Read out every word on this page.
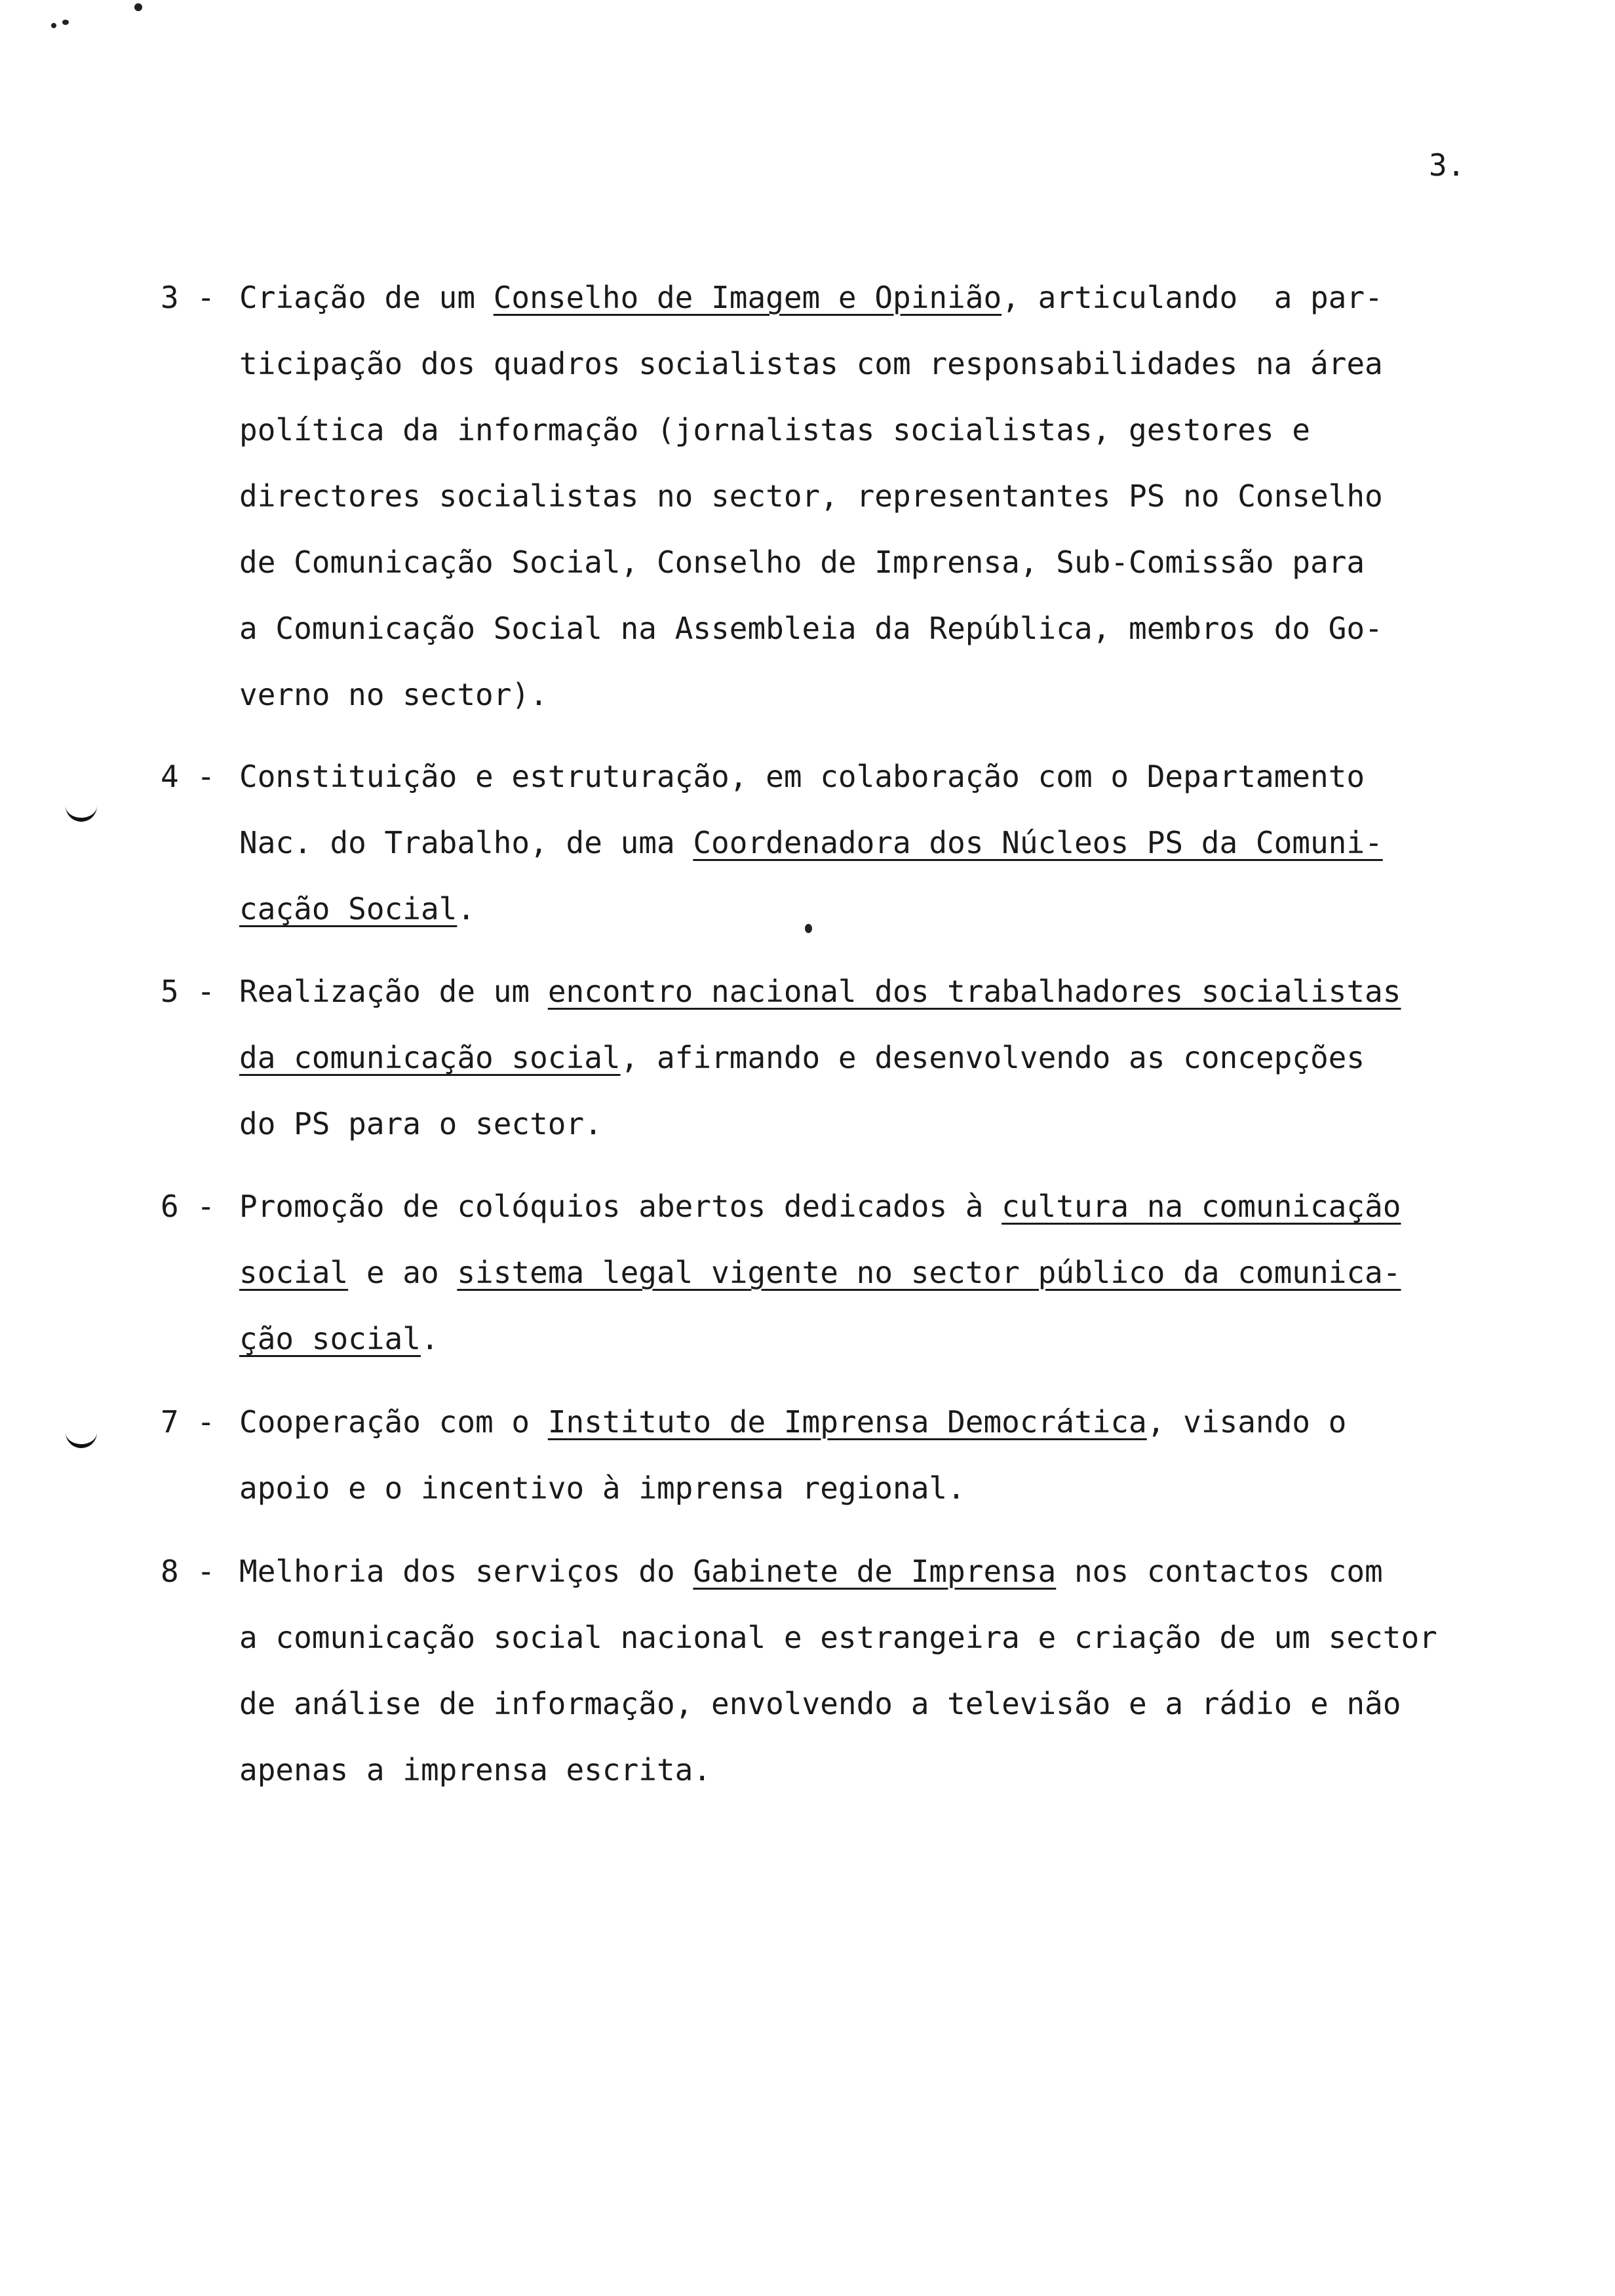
3.
3 - Criação de um Conselho de Imagem e Opinião, articulando  a par-
ticipação dos quadros socialistas com responsabilidades na área
política da informação (jornalistas socialistas, gestores e
directores socialistas no sector, representantes PS no Conselho
de Comunicação Social, Conselho de Imprensa, Sub-Comissão para
a Comunicação Social na Assembleia da República, membros do Go-
verno no sector).
4 - Constituição e estruturação, em colaboração com o Departamento
Nac. do Trabalho, de uma Coordenadora dos Núcleos PS da Comuni-
cação Social.
5 - Realização de um encontro nacional dos trabalhadores socialistas
da comunicação social, afirmando e desenvolvendo as concepções
do PS para o sector.
6 - Promoção de colóquios abertos dedicados à cultura na comunicação
social e ao sistema legal vigente no sector público da comunica-
ção social.
7 - Cooperação com o Instituto de Imprensa Democrática, visando o
apoio e o incentivo à imprensa regional.
8 - Melhoria dos serviços do Gabinete de Imprensa nos contactos com
a comunicação social nacional e estrangeira e criação de um sector
de análise de informação, envolvendo a televisão e a rádio e não
apenas a imprensa escrita.
